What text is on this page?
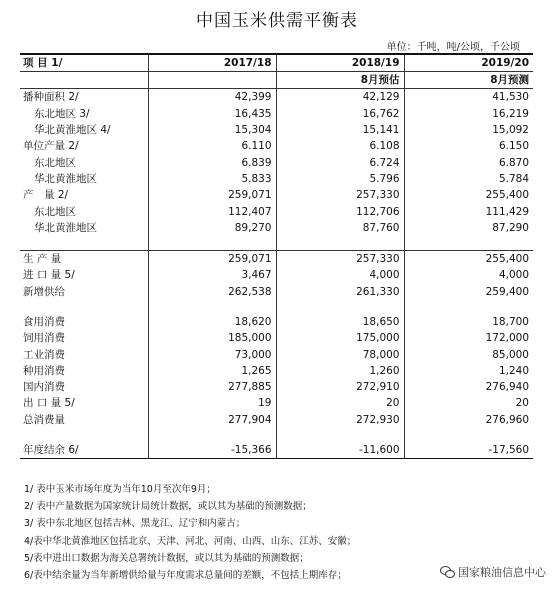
中国玉米供需平衡表
单位：千吨，吨/公顷，千公顷
项 目 1/	2017/18	2018/19	2019/20
		8月预估	8月预测
播种面积 2/	42,399	42,129	41,530
东北地区 3/	16,435	16,762	16,219
华北黄淮地区 4/	15,304	15,141	15,092
单位产量 2/	6.110	6.108	6.150
东北地区	6.839	6.724	6.870
华北黄淮地区	5.833	5.796	5.784
产　量 2/	259,071	257,330	255,400
东北地区	112,407	112,706	111,429
华北黄淮地区	89,270	87,760	87,290

生 产 量	259,071	257,330	255,400
进 口 量 5/	3,467	4,000	4,000
新增供给	262,538	261,330	259,400

食用消费	18,620	18,650	18,700
饲用消费	185,000	175,000	172,000
工业消费	73,000	78,000	85,000
种用消费	1,265	1,260	1,240
国内消费	277,885	272,910	276,940
出 口 量 5/	19	20	20
总消费量	277,904	272,930	276,960

年度结余 6/	-15,366	-11,600	-17,560
1/ 表中玉米市场年度为当年10月至次年9月；
2/ 表中产量数据为国家统计局统计数据，或以其为基础的预测数据；
3/ 表中东北地区包括吉林、黑龙江、辽宁和内蒙古；
4/表中华北黄淮地区包括北京、天津、河北、河南、山西、山东、江苏、安徽；
5/表中进出口数据为海关总署统计数据，或以其为基础的预测数据；
6/表中结余量为当年新增供给量与年度需求总量间的差额，不包括上期库存；	国家粮油信息中心
